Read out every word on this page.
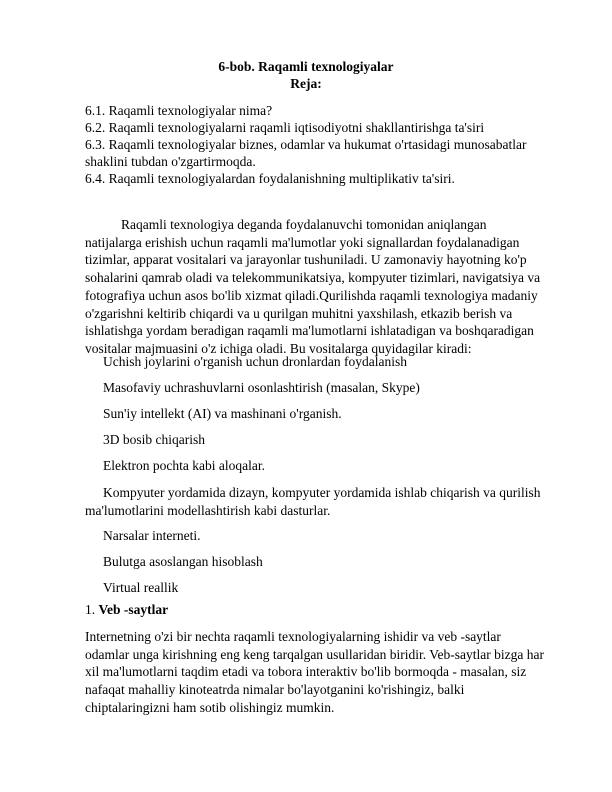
6-bob. Raqamli texnologiyalar
Reja:
6.1. Raqamli texnologiyalar nima?
6.2. Raqamli texnologiyalarni raqamli iqtisodiyotni shakllantirishga ta'siri
6.3. Raqamli texnologiyalar biznes, odamlar va hukumat o'rtasidagi munosabatlar shaklini tubdan o'zgartirmoqda.
6.4. Raqamli texnologiyalardan foydalanishning multiplikativ ta'siri.
Raqamli texnologiya deganda foydalanuvchi tomonidan aniqlangan natijalarga erishish uchun raqamli ma'lumotlar yoki signallardan foydalanadigan tizimlar, apparat vositalari va jarayonlar tushuniladi. U zamonaviy hayotning ko'p sohalarini qamrab oladi va telekommunikatsiya, kompyuter tizimlari, navigatsiya va fotografiya uchun asos bo'lib xizmat qiladi.Qurilishda raqamli texnologiya madaniy o'zgarishni keltirib chiqardi va u qurilgan muhitni yaxshilash, etkazib berish va ishlatishga yordam beradigan raqamli ma'lumotlarni ishlatadigan va boshqaradigan vositalar majmuasini o'z ichiga oladi. Bu vositalarga quyidagilar kiradi:
Uchish joylarini o'rganish uchun dronlardan foydalanish
Masofaviy uchrashuvlarni osonlashtirish (masalan, Skype)
Sun'iy intellekt (AI) va mashinani o'rganish.
3D bosib chiqarish
Elektron pochta kabi aloqalar.
Kompyuter yordamida dizayn, kompyuter yordamida ishlab chiqarish va qurilish ma'lumotlarini modellashtirish kabi dasturlar.
Narsalar interneti.
Bulutga asoslangan hisoblash
Virtual reallik
1. Veb -saytlar
Internetning o'zi bir nechta raqamli texnologiyalarning ishidir va veb -saytlar odamlar unga kirishning eng keng tarqalgan usullaridan biridir. Veb-saytlar bizga har xil ma'lumotlarni taqdim etadi va tobora interaktiv bo'lib bormoqda - masalan, siz nafaqat mahalliy kinoteatrda nimalar bo'layotganini ko'rishingiz, balki chiptalaringizni ham sotib olishingiz mumkin.
